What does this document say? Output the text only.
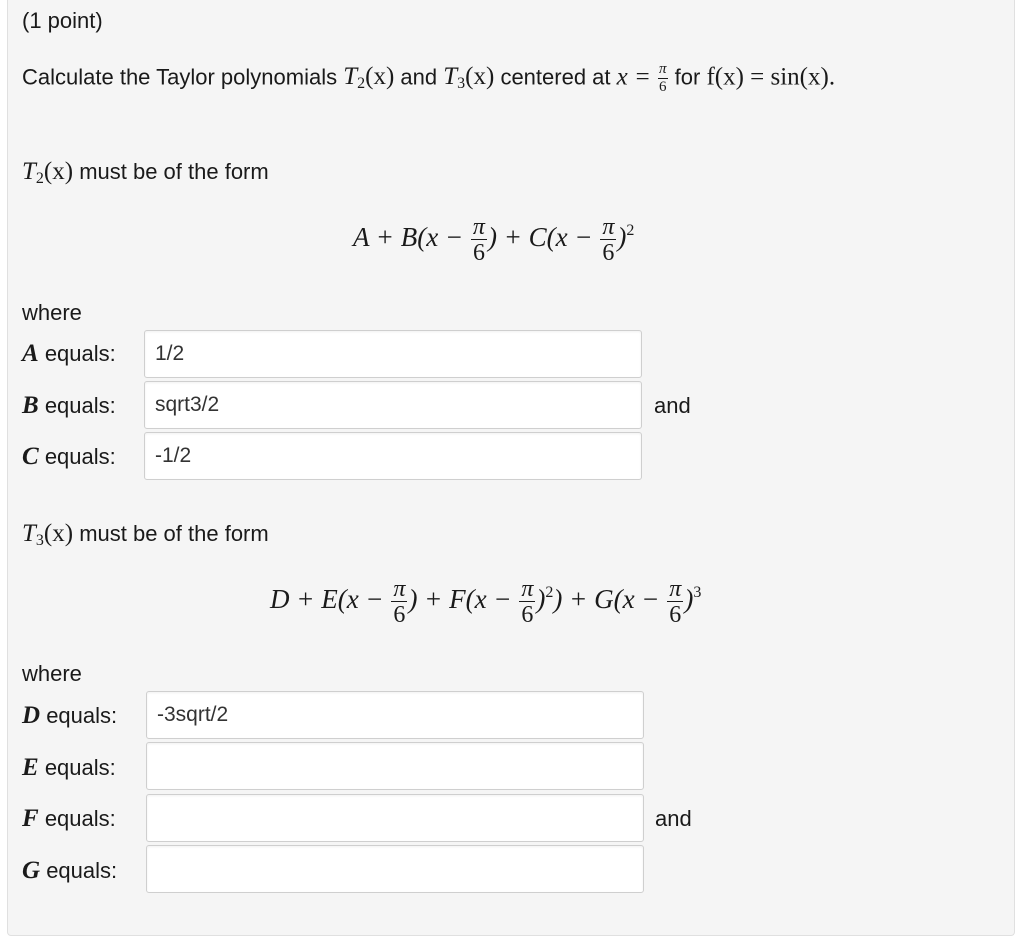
(1 point)
Calculate the Taylor polynomials $T_2(x)$ and $T_3(x)$ centered at $x = \frac{\pi}{6}$ for f(x) = sin(x).
$T_2(x)$ must be of the form
$A + B(x - \frac{\pi}{6}$ ) + $C(x - \frac{\pi}{6} )^2$
where
A equals:
1/2
B equals:
sqrt3/2
C equals:
-1/2
and
$T_3(x)$ must be of the form
$D + E(x - \frac{\pi}{6}$ ) + $F(x - \frac{\pi}{6} )^2) + G(x - \frac{\pi}{6} )^3$
where
D equals:
-3sqrt/2
E equals:
F equals:
G equals:
and
